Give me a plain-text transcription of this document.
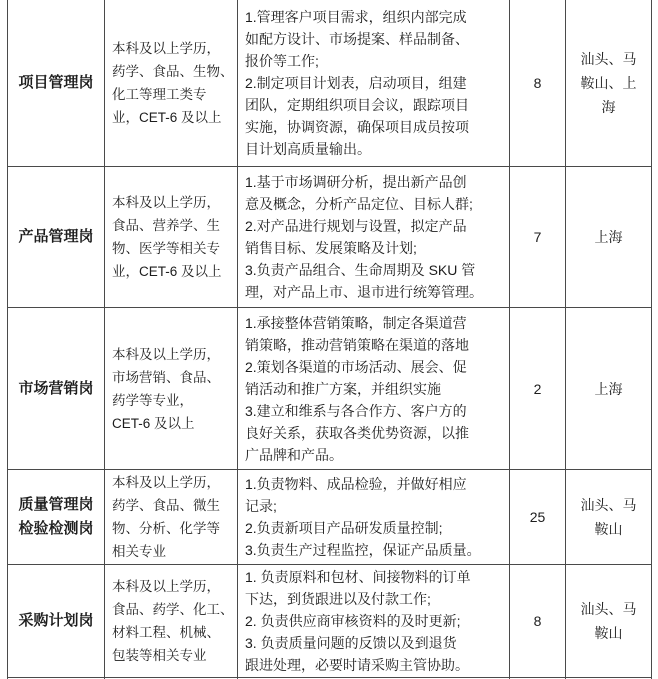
项目管理岗	本科及以上学历，
药学、食品、生物、
化工等理工类专
业，CET-6 及以上	1.管理客户项目需求，组织内部完成
如配方设计、市场提案、样品制备、
报价等工作;
2.制定项目计划表，启动项目，组建
团队，定期组织项目会议，跟踪项目
实施，协调资源，确保项目成员按项
目计划高质量输出。	8	汕头、马
鞍山、上
海
产品管理岗	本科及以上学历，
食品、营养学、生
物、医学等相关专
业，CET-6 及以上	1.基于市场调研分析，提出新产品创
意及概念，分析产品定位、目标人群;
2.对产品进行规划与设置，拟定产品
销售目标、发展策略及计划;
3.负责产品组合、生命周期及 SKU 管
理，对产品上市、退市进行统筹管理。	7	上海
市场营销岗	本科及以上学历，
市场营销、食品、
药学等专业，
CET-6 及以上	1.承接整体营销策略，制定各渠道营
销策略，推动营销策略在渠道的落地
2.策划各渠道的市场活动、展会、促
销活动和推广方案，并组织实施
3.建立和维系与各合作方、客户方的
良好关系，获取各类优势资源，以推
广品牌和产品。	2	上海
质量管理岗
检验检测岗	本科及以上学历，
药学、食品、微生
物、分析、化学等
相关专业	1.负责物料、成品检验，并做好相应
记录;
2.负责新项目产品研发质量控制;
3.负责生产过程监控，保证产品质量。	25	汕头、马
鞍山
采购计划岗	本科及以上学历，
食品、药学、化工、
材料工程、机械、
包装等相关专业	1. 负责原料和包材、间接物料的订单
下达，到货跟进以及付款工作;
2. 负责供应商审核资料的及时更新;
3. 负责质量问题的反馈以及到退货
跟进处理，必要时请采购主管协助。	8	汕头、马
鞍山
